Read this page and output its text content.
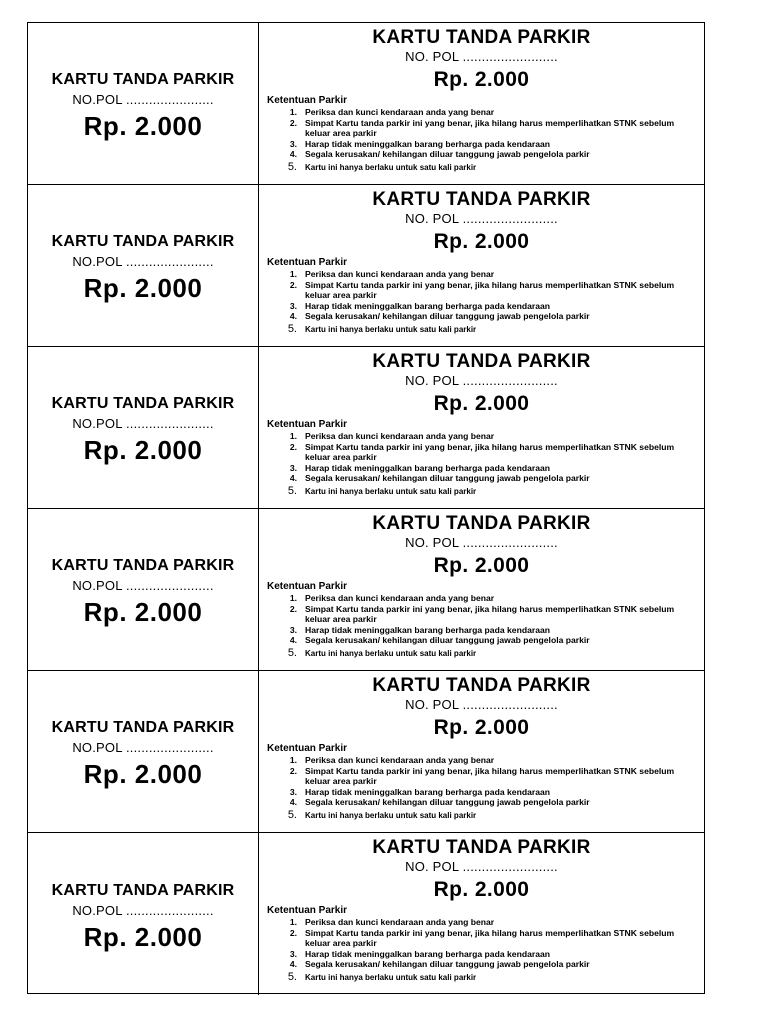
KARTU TANDA PARKIR
NO.POL .......................
Rp. 2.000
KARTU TANDA PARKIR
NO. POL .........................
Rp. 2.000
Ketentuan Parkir
1. Periksa dan kunci kendaraan anda yang benar
2. Simpat Kartu tanda parkir ini yang benar, jika hilang harus memperlihatkan STNK sebelum keluar area parkir
3. Harap tidak meninggalkan barang berharga pada kendaraan
4. Segala kerusakan/ kehilangan diluar tanggung jawab pengelola parkir
5.	Kartu ini hanya berlaku untuk satu kali parkir
KARTU TANDA PARKIR
NO.POL .......................
Rp. 2.000
KARTU TANDA PARKIR
NO. POL .........................
Rp. 2.000
Ketentuan Parkir
1. Periksa dan kunci kendaraan anda yang benar
2. Simpat Kartu tanda parkir ini yang benar, jika hilang harus memperlihatkan STNK sebelum keluar area parkir
3. Harap tidak meninggalkan barang berharga pada kendaraan
4. Segala kerusakan/ kehilangan diluar tanggung jawab pengelola parkir
5.	Kartu ini hanya berlaku untuk satu kali parkir
KARTU TANDA PARKIR
NO.POL .......................
Rp. 2.000
KARTU TANDA PARKIR
NO. POL .........................
Rp. 2.000
Ketentuan Parkir
1. Periksa dan kunci kendaraan anda yang benar
2. Simpat Kartu tanda parkir ini yang benar, jika hilang harus memperlihatkan STNK sebelum keluar area parkir
3. Harap tidak meninggalkan barang berharga pada kendaraan
4. Segala kerusakan/ kehilangan diluar tanggung jawab pengelola parkir
5.	Kartu ini hanya berlaku untuk satu kali parkir
KARTU TANDA PARKIR
NO.POL .......................
Rp. 2.000
KARTU TANDA PARKIR
NO. POL .........................
Rp. 2.000
Ketentuan Parkir
1. Periksa dan kunci kendaraan anda yang benar
2. Simpat Kartu tanda parkir ini yang benar, jika hilang harus memperlihatkan STNK sebelum keluar area parkir
3. Harap tidak meninggalkan barang berharga pada kendaraan
4. Segala kerusakan/ kehilangan diluar tanggung jawab pengelola parkir
5.	Kartu ini hanya berlaku untuk satu kali parkir
KARTU TANDA PARKIR
NO.POL .......................
Rp. 2.000
KARTU TANDA PARKIR
NO. POL .........................
Rp. 2.000
Ketentuan Parkir
1. Periksa dan kunci kendaraan anda yang benar
2. Simpat Kartu tanda parkir ini yang benar, jika hilang harus memperlihatkan STNK sebelum keluar area parkir
3. Harap tidak meninggalkan barang berharga pada kendaraan
4. Segala kerusakan/ kehilangan diluar tanggung jawab pengelola parkir
5.	Kartu ini hanya berlaku untuk satu kali parkir
KARTU TANDA PARKIR
NO.POL .......................
Rp. 2.000
KARTU TANDA PARKIR
NO. POL .........................
Rp. 2.000
Ketentuan Parkir
1. Periksa dan kunci kendaraan anda yang benar
2. Simpat Kartu tanda parkir ini yang benar, jika hilang harus memperlihatkan STNK sebelum keluar area parkir
3. Harap tidak meninggalkan barang berharga pada kendaraan
4. Segala kerusakan/ kehilangan diluar tanggung jawab pengelola parkir
5.	Kartu ini hanya berlaku untuk satu kali parkir
